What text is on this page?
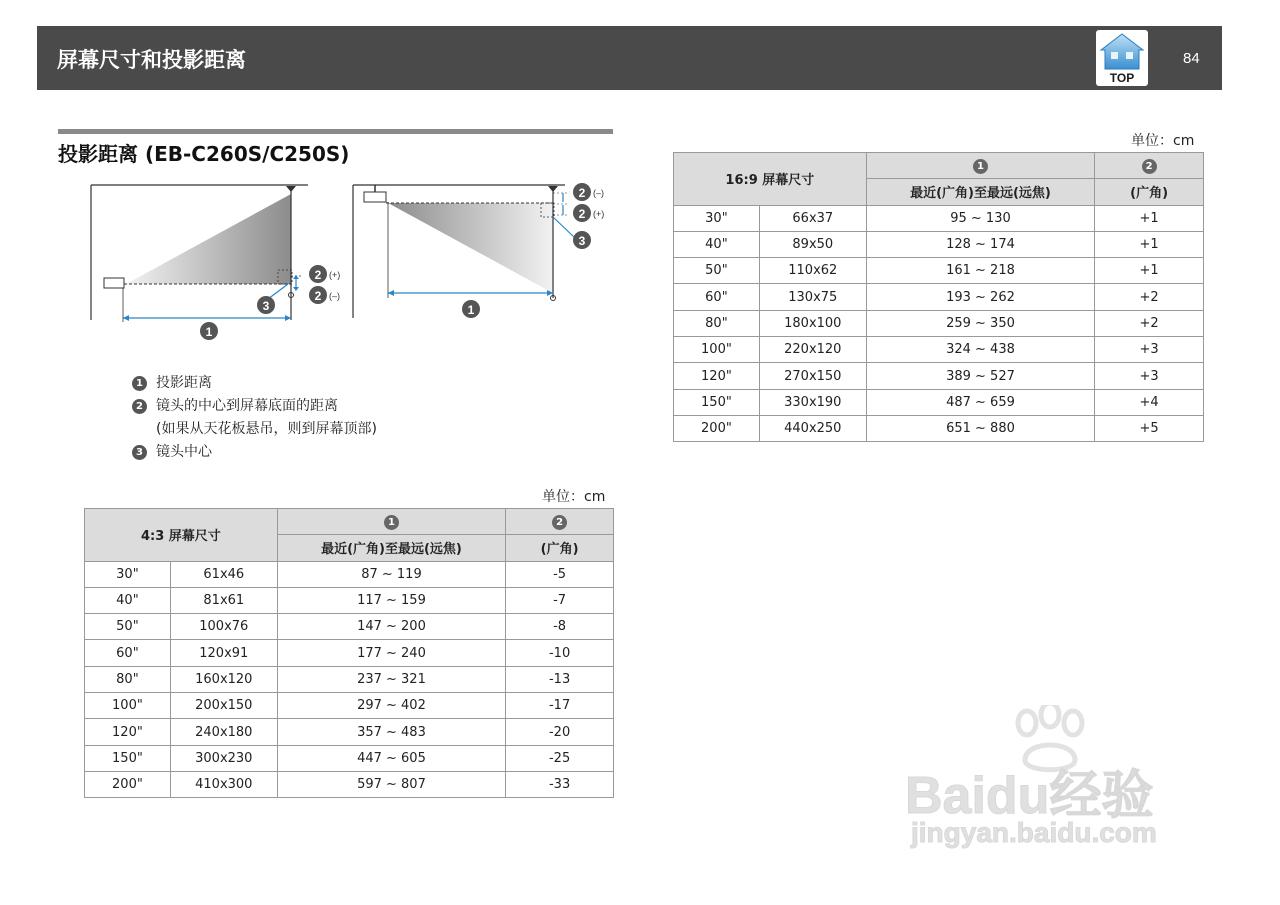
屏幕尺寸和投影距离
TOP
84
投影距离 (EB-C260S/C250S)
1
2 (+)
2 (–)
3	1
2 (–)
2 (+)
3
1 投影距离
2 镜头的中心到屏幕底面的距离
(如果从天花板悬吊，则到屏幕顶部)
3 镜头中心
单位：cm
4:3 屏幕尺寸		1	2
		最近(广角)至最远(远焦)	(广角)
30"	61x46	87 ~ 119	-5
40"	81x61	117 ~ 159	-7
50"	100x76	147 ~ 200	-8
60"	120x91	177 ~ 240	-10
80"	160x120	237 ~ 321	-13
100"	200x150	297 ~ 402	-17
120"	240x180	357 ~ 483	-20
150"	300x230	447 ~ 605	-25
200"	410x300	597 ~ 807	-33
单位：cm
16:9 屏幕尺寸		1	2
		最近(广角)至最远(远焦)	(广角)
30"	66x37	95 ~ 130	+1
40"	89x50	128 ~ 174	+1
50"	110x62	161 ~ 218	+1
60"	130x75	193 ~ 262	+2
80"	180x100	259 ~ 350	+2
100"	220x120	324 ~ 438	+3
120"	270x150	389 ~ 527	+3
150"	330x190	487 ~ 659	+4
200"	440x250	651 ~ 880	+5
Baidu经验
jingyan.baidu.com
